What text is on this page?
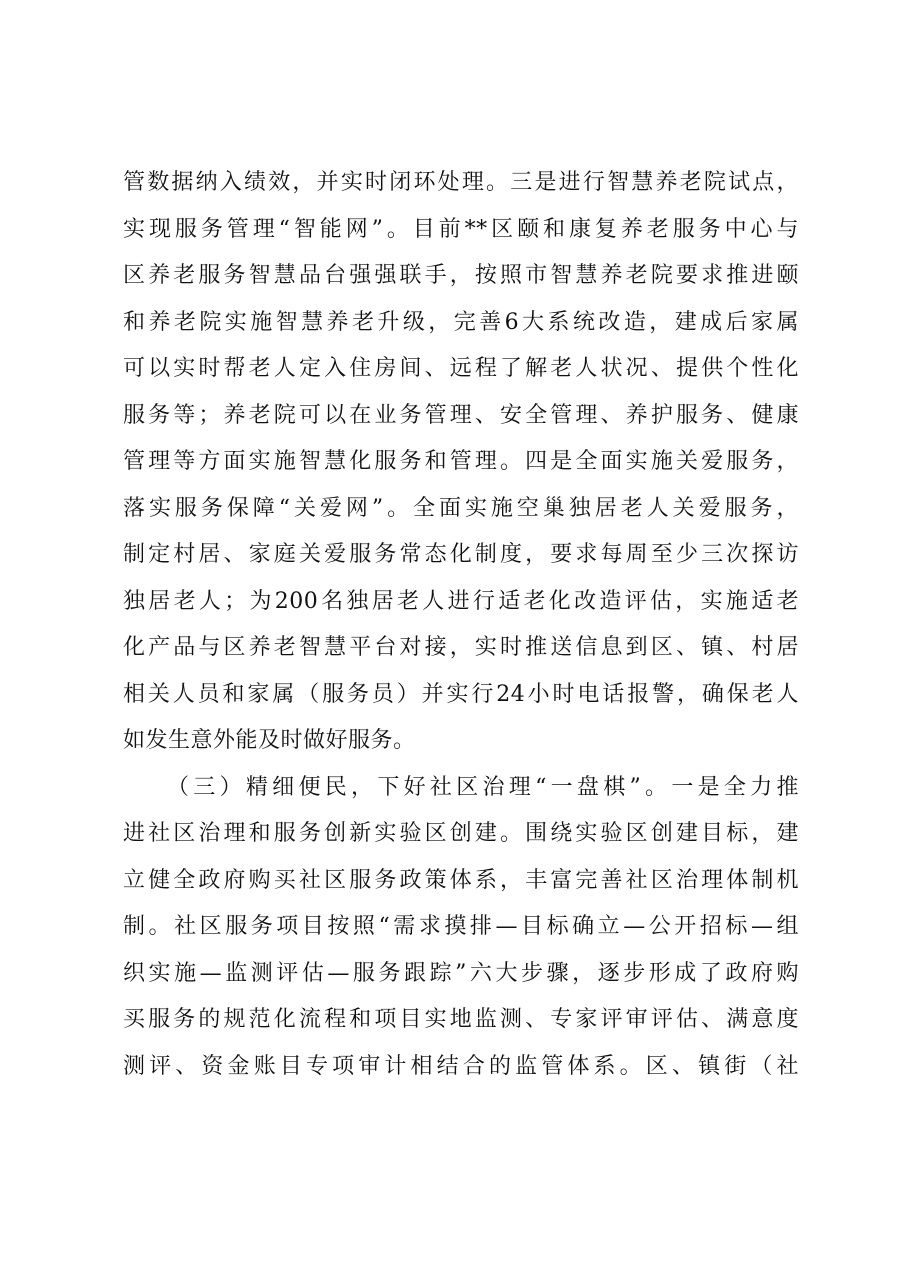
管数据纳入绩效，并实时闭环处理。三是进行智慧养老院试点，
实现服务管理“智能网”。目前**区颐和康复养老服务中心与
区养老服务智慧品台强强联手，按照市智慧养老院要求推进颐
和养老院实施智慧养老升级，完善6大系统改造，建成后家属
可以实时帮老人定入住房间、远程了解老人状况、提供个性化
服务等；养老院可以在业务管理、安全管理、养护服务、健康
管理等方面实施智慧化服务和管理。四是全面实施关爱服务，
落实服务保障“关爱网”。全面实施空巢独居老人关爱服务，
制定村居、家庭关爱服务常态化制度，要求每周至少三次探访
独居老人；为200名独居老人进行适老化改造评估，实施适老
化产品与区养老智慧平台对接，实时推送信息到区、镇、村居
相关人员和家属（服务员）并实行24小时电话报警，确保老人
如发生意外能及时做好服务。
（三）精细便民，下好社区治理“一盘棋”。一是全力推
进社区治理和服务创新实验区创建。围绕实验区创建目标，建
立健全政府购买社区服务政策体系，丰富完善社区治理体制机
制。社区服务项目按照“需求摸排—目标确立—公开招标—组
织实施—监测评估—服务跟踪”六大步骤，逐步形成了政府购
买服务的规范化流程和项目实地监测、专家评审评估、满意度
测评、资金账目专项审计相结合的监管体系。区、镇街（社
